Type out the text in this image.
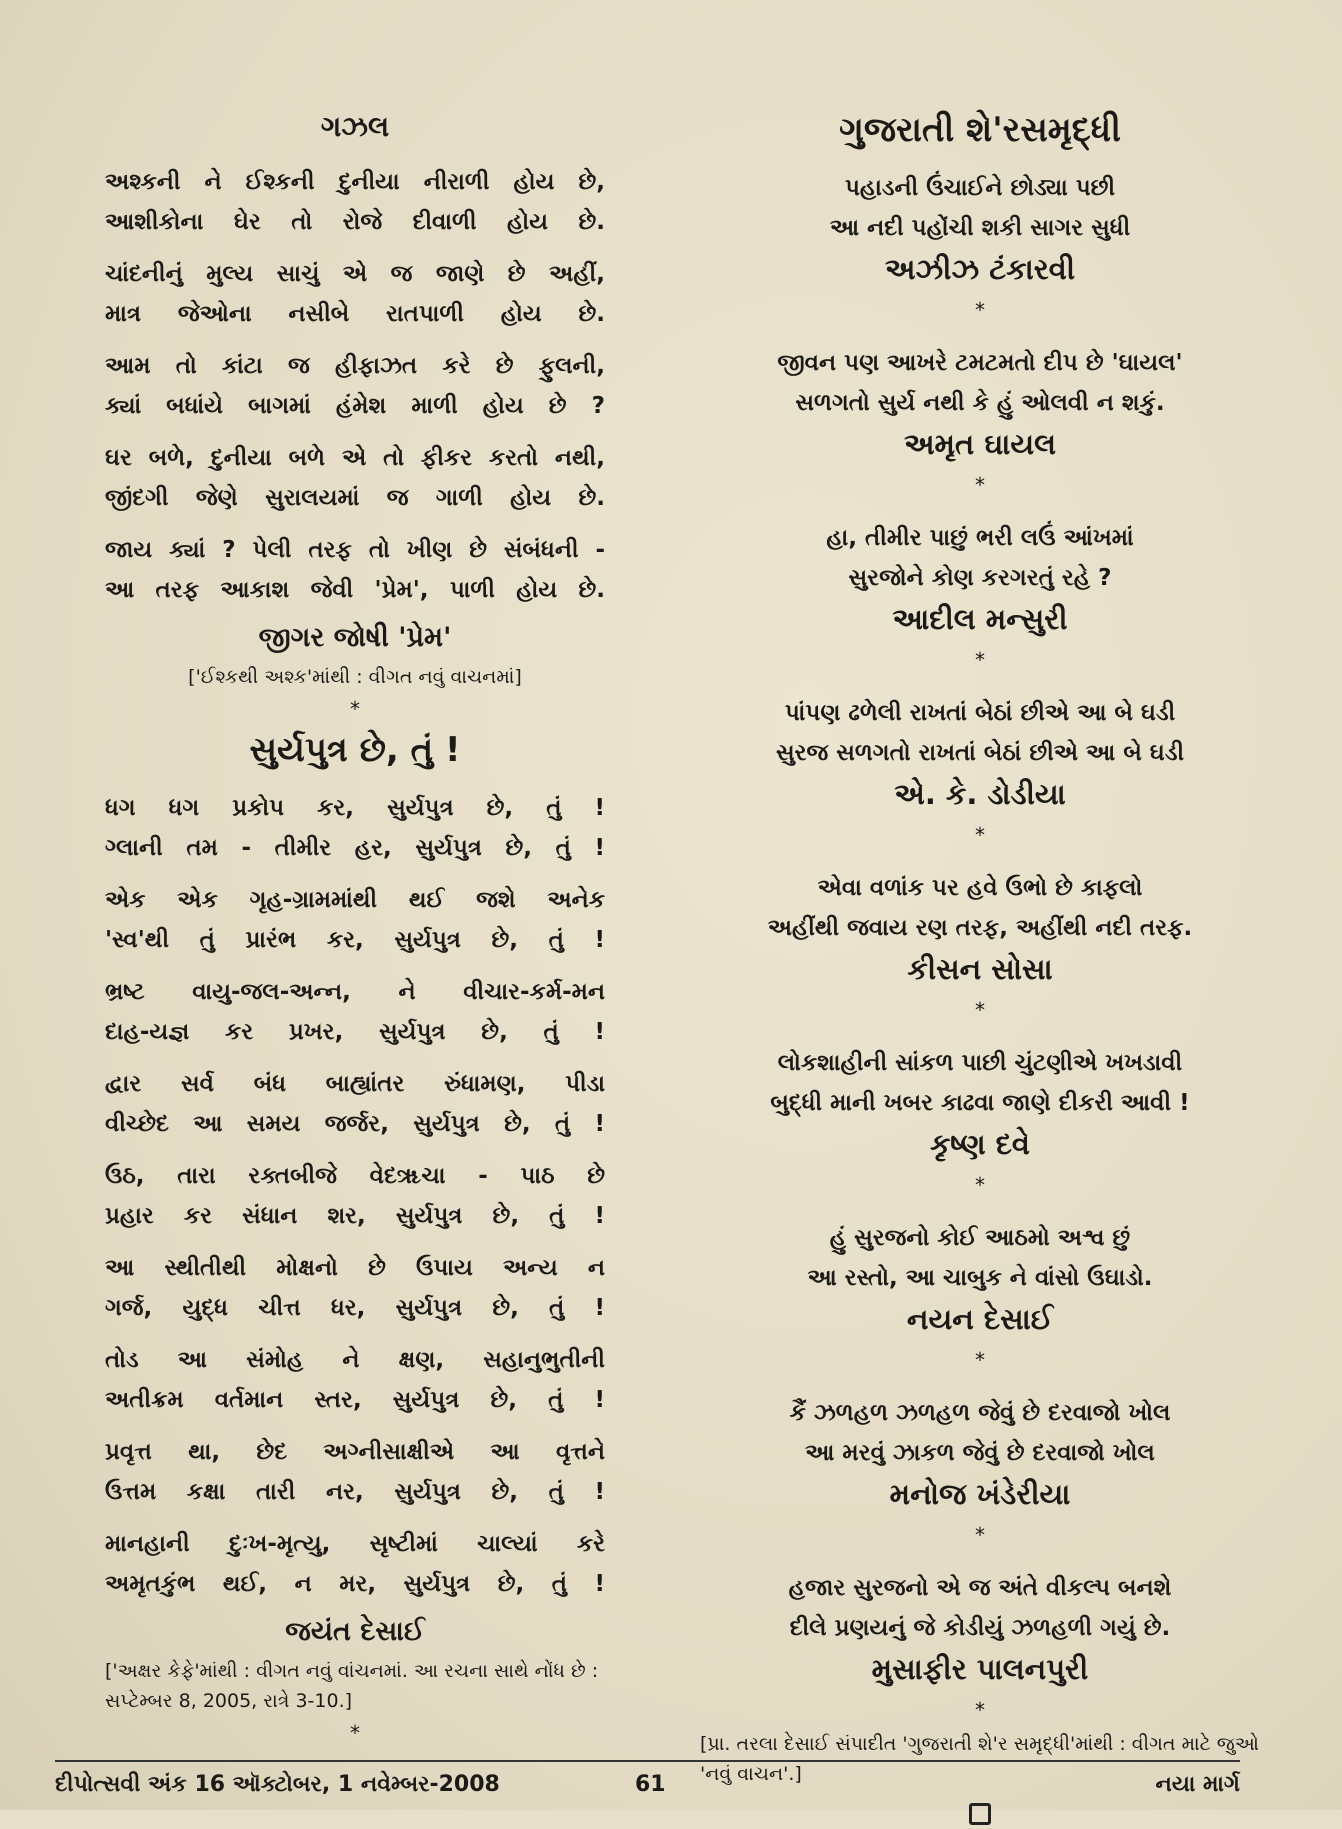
ગઝલ
અશ્કની ને ઈશ્કની દુનીયા નીરાળી હોય છે,
આશીકોના ઘેર તો રોજે દીવાળી હોય છે.
ચાંદનીનું મુલ્ય સાચું એ જ જાણે છે અહીં,
માત્ર જેઓના નસીબે રાતપાળી હોય છે.
આમ તો કાંટા જ હીફાઝત કરે છે ફુલની,
ક્યાં બધાંયે બાગમાં હંમેશ માળી હોય છે ?
ઘર બળે, દુનીયા બળે એ તો ફીકર કરતો નથી,
જીંદગી જેણે સુરાલયમાં જ ગાળી હોય છે.
જાય ક્યાં ? પેલી તરફ તો ખીણ છે સંબંધની -
આ તરફ આકાશ જેવી 'પ્રેમ', પાળી હોય છે.
જીગર જોષી 'પ્રેમ'
['ઈશ્કથી અશ્ક'માંથી : વીગત નવું વાચનમાં]
*
સુર્યપુત્ર છે, તું !
ધગ ધગ પ્રકોપ કર, સુર્યપુત્ર છે, તું !
ગ્લાની તમ - તીમીર હર, સુર્યપુત્ર છે, તું !
એક એક ગૃહ-ગ્રામમાંથી થઈ જશે અનેક
'સ્વ'થી તું પ્રારંભ કર, સુર્યપુત્ર છે, તું !
ભ્રષ્ટ વાયુ-જલ-અન્ન, ને વીચાર-કર્મ-મન
દાહ-યજ્ઞ કર પ્રખર, સુર્યપુત્ર છે, તું !
દ્વાર સર્વ બંધ બાહ્યાંતર રુંધામણ, પીડા
વીચ્છેદ આ સમય જર્જર, સુર્યપુત્ર છે, તું !
ઉઠ, તારા રક્તબીજે વેદૠચા - પાઠ છે
પ્રહાર કર સંધાન શર, સુર્યપુત્ર છે, તું !
આ સ્થીતીથી મોક્ષનો છે ઉપાય અન્ય ન
ગર્જ, યુદ્ધ ચીત્ત ધર, સુર્યપુત્ર છે, તું !
તોડ આ સંમોહ ને ક્ષણ, સહાનુભુતીની
અતીક્રમ વર્તમાન સ્તર, સુર્યપુત્ર છે, તું !
પ્રવૃત્ત થા, છેદ અગ્નીસાક્ષીએ આ વૃત્તને
ઉત્તમ કક્ષા તારી નર, સુર્યપુત્ર છે, તું !
માનહાની દુઃખ-મૃત્યુ, સૃષ્ટીમાં ચાલ્યાં કરે
અમૃતકુંભ થઈ, ન મર, સુર્યપુત્ર છે, તું !
જયંત દેસાઈ
['અક્ષર કેફે'માંથી : વીગત નવું વાંચનમાં. આ રચના સાથે નોંધ છે : સપ્ટેમ્બર 8, 2005, રાત્રે 3-10.]
*
ગુજરાતી શે'રસમૃદ્ધી
પહાડની ઉંચાઈને છોડ્યા પછી
આ નદી પહોંચી શકી સાગર સુધી
અઝીઝ ટંકારવી
*
જીવન પણ આખરે ટમટમતો દીપ છે 'ઘાયલ'
સળગતો સુર્ય નથી કે હું ઓલવી ન શકું.
અમૃત ઘાયલ
*
હા, તીમીર પાછું ભરી લઉં આંખમાં
સુરજોને કોણ કરગરતું રહે ?
આદીલ મન્સુરી
*
પાંપણ ઢળેલી રાખતાં બેઠાં છીએ આ બે ઘડી
સુરજ સળગતો રાખતાં બેઠાં છીએ આ બે ઘડી
એ. કે. ડોડીયા
*
એવા વળાંક પર હવે ઉભો છે કાફલો
અહીંથી જવાય રણ તરફ, અહીંથી નદી તરફ.
કીસન સોસા
*
લોકશાહીની સાંકળ પાછી ચુંટણીએ ખખડાવી
બુદ્ધી માની ખબર કાઢવા જાણે દીકરી આવી !
કૃષ્ણ દવે
*
હું સુરજનો કોઈ આઠમો અશ્વ છું
આ રસ્તો, આ ચાબુક ને વાંસો ઉઘાડો.
નયન દેસાઈ
*
કૈં ઝળહળ ઝળહળ જેવું છે દરવાજો ખોલ
આ મરવું ઝાકળ જેવું છે દરવાજો ખોલ
મનોજ ખંડેરીયા
*
હજાર સુરજનો એ જ અંતે વીકલ્પ બનશે
દીલે પ્રણયનું જે કોડીયું ઝળહળી ગયું છે.
મુસાફીર પાલનપુરી
*
[પ્રા. તરલા દેસાઈ સંપાદીત 'ગુજરાતી શે'ર સમૃદ્ધી'માંથી : વીગત માટે જુઓ 'નવું વાચન'.]
દીપોત્સવી અંક 16 ઑક્ટોબર, 1 નવેમ્બર-2008	61	નયા માર્ગ
